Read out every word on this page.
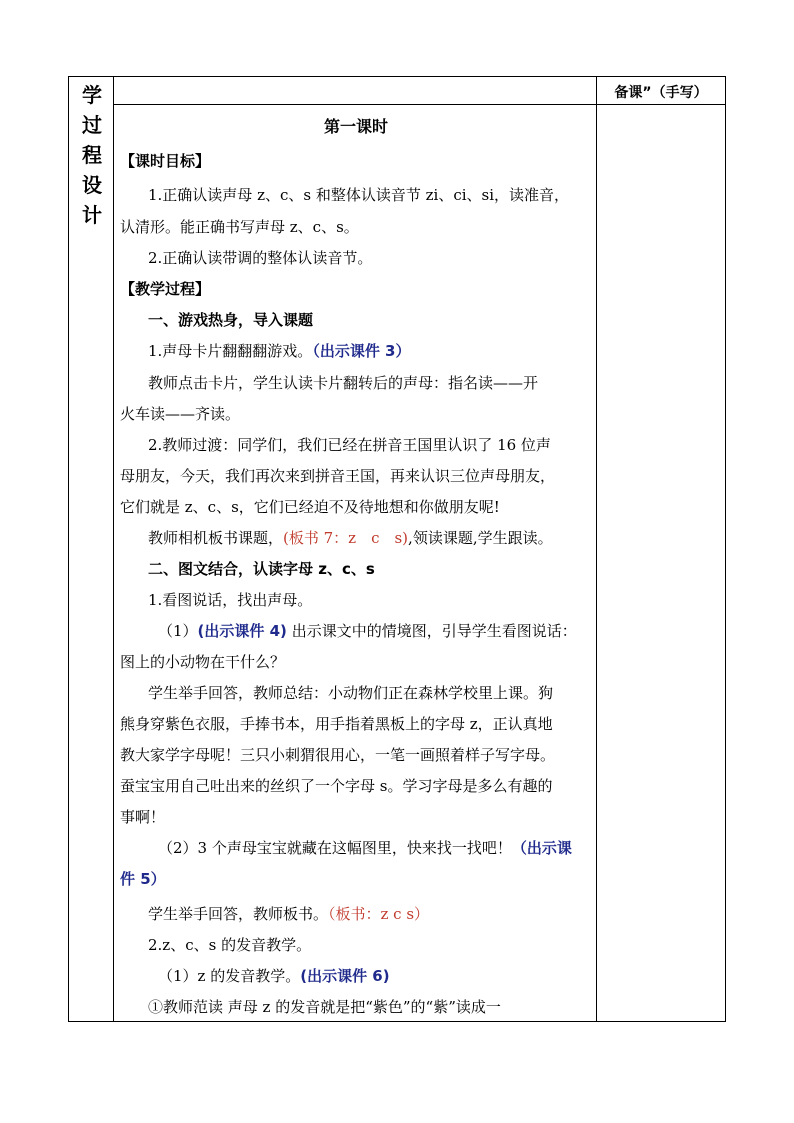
学
过
程
设
计
备课”（手写）
第一课时
【课时目标】
1.正确认读声母 z、c、s 和整体认读音节 zi、ci、si，读准音，
认清形。能正确书写声母 z、c、s。
2.正确认读带调的整体认读音节。
【教学过程】
一、游戏热身，导入课题
1.声母卡片翻翻翻游戏。（出示课件 3）
教师点击卡片，学生认读卡片翻转后的声母：指名读——开
火车读——齐读。
2.教师过渡：同学们，我们已经在拼音王国里认识了 16 位声
母朋友，今天，我们再次来到拼音王国，再来认识三位声母朋友，
它们就是 z、c、s，它们已经迫不及待地想和你做朋友呢!
教师相机板书课题，(板书 7：z　c　s),领读课题,学生跟读。
二、图文结合，认读字母 z、c、s
1.看图说话，找出声母。
（1）(出示课件 4) 出示课文中的情境图，引导学生看图说话：
图上的小动物在干什么？
学生举手回答，教师总结：小动物们正在森林学校里上课。狗
熊身穿紫色衣服，手捧书本，用手指着黑板上的字母 z，正认真地
教大家学字母呢！三只小刺猬很用心，一笔一画照着样子写字母。
蚕宝宝用自己吐出来的丝织了一个字母 s。学习字母是多么有趣的
事啊！
（2）3 个声母宝宝就藏在这幅图里，快来找一找吧！（出示课
件 5）
学生举手回答，教师板书。（板书：z c s）
2.z、c、s 的发音教学。
（1）z 的发音教学。(出示课件 6)
①教师范读 声母 z 的发音就是把“紫色”的“紫”读成一
